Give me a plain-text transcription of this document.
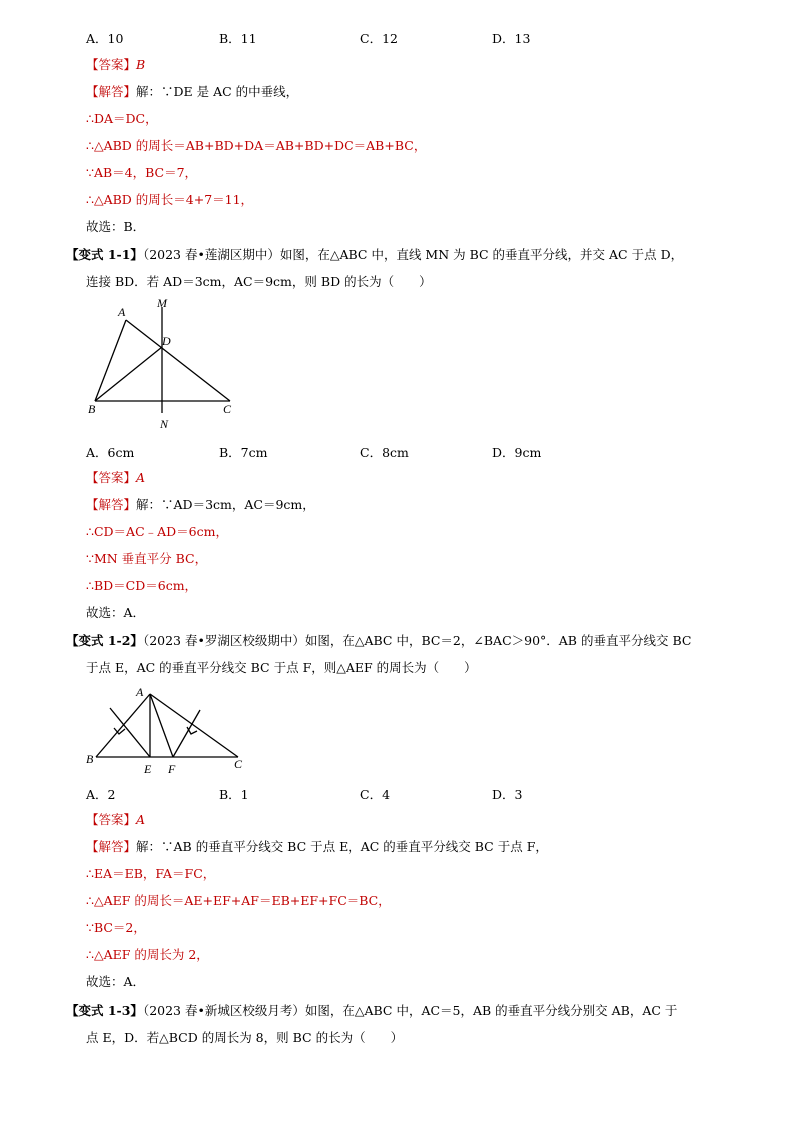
A．10	B．11	C．12	D．13
【答案】B
【解答】解：∵DE 是 AC 的中垂线，
∴DA＝DC，
∴△ABD 的周长＝AB+BD+DA＝AB+BD+DC＝AB+BC，
∵AB＝4，BC＝7，
∴△ABD 的周长＝4+7＝11，
故选：B．
【变式 1-1】（2023 春•莲湖区期中）如图，在△ABC 中，直线 MN 为 BC 的垂直平分线，并交 AC 于点 D，
连接 BD．若 AD＝3cm，AC＝9cm，则 BD 的长为（　　）
A
M
D
B	C
N
A．6cm	B．7cm	C．8cm	D．9cm
【答案】A
【解答】解：∵AD＝3cm，AC＝9cm，
∴CD＝AC﹣AD＝6cm，
∵MN 垂直平分 BC，
∴BD＝CD＝6cm，
故选：A．
【变式 1-2】（2023 春•罗湖区校级期中）如图，在△ABC 中，BC＝2，∠BAC＞90°．AB 的垂直平分线交 BC
于点 E，AC 的垂直平分线交 BC 于点 F，则△AEF 的周长为（　　）
A
B
E F	C
A．2	B．1	C．4	D．3
【答案】A
【解答】解：∵AB 的垂直平分线交 BC 于点 E，AC 的垂直平分线交 BC 于点 F，
∴EA＝EB，FA＝FC，
∴△AEF 的周长＝AE+EF+AF＝EB+EF+FC＝BC，
∵BC＝2，
∴△AEF 的周长为 2，
故选：A．
【变式 1-3】（2023 春•新城区校级月考）如图，在△ABC 中，AC＝5，AB 的垂直平分线分别交 AB，AC 于
点 E，D．若△BCD 的周长为 8，则 BC 的长为（　　）
